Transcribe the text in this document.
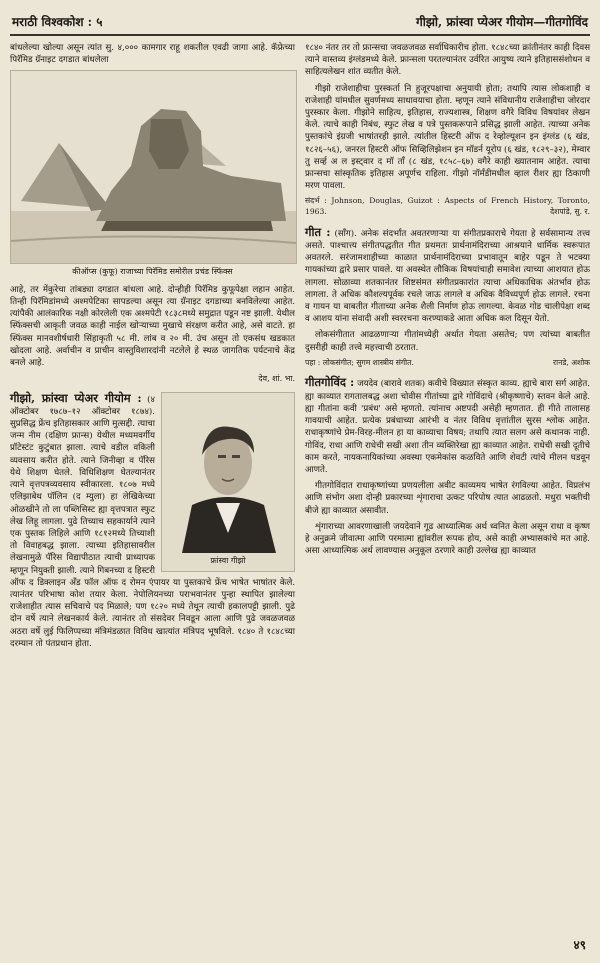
मराठी विश्वकोश : ५	गीझो, फ्रांस्वा प्येअर गीयोम—गीतगोविंद

बांधलेल्या खोल्या असून त्यांत सु. ४,००० कामगार राहू शकतील एवढी जागा आहे. कॅफ्रेच्या पिरॅमिड ग्रॅनाइट दगडात बांधलेला

कीऑप्स (कुफू) राजाच्या पिरॅमिड समोरील प्रचंड स्फिंक्स

आहे, तर मेंकुरेचा तांबड्या दगडात बांधला आहे. दोन्हीही पिरॅमिड कुफूपेक्षा लहान आहेत. तिन्ही पिरॅमिडांमध्ये अश्मपेटिका सापडल्या असून त्या ग्रॅनाइट दगडाच्या बनविलेल्या आहेत. त्यांपैकी आलंकारिक नक्षी कोरलेली एक अश्मपेटी १८३८मध्ये समुद्रात पडून नष्ट झाली. येथील स्फिंक्सची आकृती जवळ काही नाईल खोऱ्याच्या मुखाचे संरक्षण करीत आहे, असे वाटते. हा स्फिंक्स मानवशीर्षधारी सिंहाकृती ५८ मी. लांब व २० मी. उंच असून तो एकसंध खडकात खोदला आहे. अर्वाचीन व प्राचीन वास्तुविशारदांनी नटलेले हे स्थळ जागतिक पर्यटनाचे केंद्र बनले आहे.

देव, शां. भा.

गीझो, फ्रांस्वा प्येअर गीयोम :
फ्रांस्वा गीझो
(४ ऑक्टोबर १७८७–१२ ऑक्टोबर १८७४). सुप्रसिद्ध फ्रेंच इतिहासकार आणि मुत्सद्दी. त्याचा जन्म नीम (दक्षिण फ्रान्स) येथील मध्यमवर्गीय प्रॉटेस्टंट कुटुंबात झाला. त्याचे वडील वकिली व्यवसाय करीत होते. त्याने जिनीव्हा व पॅरिस येथे शिक्षण घेतले. विधिशिक्षण घेतल्यानंतर त्याने वृत्तपत्रव्यवसाय स्वीकारला. १८०७ मध्ये एलिझाबेथ पॉलिन (द म्युला) हा लेखिकेच्या ओळखीने तो ला पब्लिसिस्ट ह्या वृत्तपत्रात स्फुट लेख लिहू लागला. पुढे तिच्याच सहकार्याने त्याने एक पुस्तक लिहिले आणि १८१२मध्ये तिच्याशी तो विवाहबद्ध झाला. त्याच्या इतिहासावरील लेखनामुळे पॅरिस विद्यापीठात त्याची प्राध्यापक म्हणून नियुक्ती झाली. त्याने गिबनच्या द हिस्टरी ऑफ द डिक्लाइन अँड फॉल ऑफ द रोमन एंपायर या पुस्तकाचे फ्रेंच भाषेत भाषांतर केले. त्यानंतर परिभाषा कोश तयार केला. नेपोलियनच्या पराभवानंतर पुन्हा स्थापित झालेल्या राजेशाहीत त्यास सचिवाचे पद मिळाले; पण १८२० मध्ये तेथून त्याची हकालपट्टी झाली. पुढे दोन वर्षे त्याने लेखनकार्य केले. त्यानंतर तो संसदेवर निवडून आला आणि पुढे जवळजवळ अठरा वर्षे लुई फिलिप्पच्या मंत्रिमंडळात विविध खात्यांत मंत्रिपद भूषविले. १८४० ते १८४८च्या दरम्यान तो पंतप्रधान होता.

१८४० नंतर तर तो फ्रान्सचा जवळजवळ सर्वाधिकारीच होता. १८४८च्या क्रांतीनंतर काही दिवस त्याने वास्तव्य इंग्लंडमध्ये केले. फ्रान्सला परतल्यानंतर उर्वरित आयुष्य त्याने इतिहाससंशोधन व साहित्यलेखन शांत व्यतीत केले.

गीझो राजेशाहीचा पुरस्कर्ता नि हुजूरपक्षाचा अनुयायी होता; तथापि त्यास लोकशाही व राजेशाही यांमधील सुवर्णमध्य साधावयाचा होता. म्हणून त्याने संविधानीय राजेशाहीचा जोरदार पुरस्कार केला. गीझोने साहित्य, इतिहास, राज्यशास्त्र, शिक्षण वगैरे विविध विषयांवर लेखन केले. त्याचे काही निबंध, स्फुट लेख व पत्रे पुस्तकरूपाने प्रसिद्ध झाली आहेत. त्याच्या अनेक पुस्तकांचे इंग्रजी भाषांतरही झाले. त्यांतील हिस्टरी ऑफ द रेव्होल्यूशन इन इंग्लंड (६ खंड, १८२६–५६), जनरल हिस्टरी ऑफ सिव्हिलिझेशन इन मॉडर्न यूरोप (६ खंड, १८२९–३२), मेम्वार तु सर्व्ह अ ल इस्ट्वार द मॉ ताँ (८ खंड, १८५८–६७) वगैरे काही ख्यातनाम आहेत. त्याचा फ्रान्सचा सांस्कृतिक इतिहास अपूर्णच राहिला. गीझो नॉर्मंडीमधील व्हाल रीशर ह्या ठिकाणी मरण पावला.

संदर्भ : Johnson, Douglas, Guizot : Aspects of French History, Toronto, 1963.	देशपांडे, सु. र.

गीत : (साँग). अनेक संदर्भांत अवतरणाऱ्या या संगीतप्रकाराचे गेयता हे सर्वसामान्य तत्त्व असते. पाश्चात्त्य संगीतपद्धतीत गीत प्रथमतः प्रार्थनामंदिराच्या आश्रयाने धार्मिक स्वरूपात अवतरले. सरंजामशाहीच्या काळात प्रार्थनामंदिराच्या प्रभावातून बाहेर पडून ते भटक्या गायकांच्या द्वारे प्रसार पावले. या अवस्थेत लौकिक विषयांचाही समावेश त्याच्या आशयात होऊ लागला. सोळाव्या शतकानंतर शिष्टसंमत संगीतप्रकारांत त्याचा अधिकाधिक अंतर्भाव होऊ लागला. ते अधिक कौशल्यपूर्वक रचले जाऊ लागले व अधिक वैविध्यपूर्ण होऊ लागले. रचना व गायन या बाबतीत गीताच्या अनेक शैली निर्माण होऊ लागल्या. केवळ गोड चालीपेक्षा शब्द व आशय यांना संवादी अशी स्वररचना करण्याकडे आता अधिक कल दिसून येतो.

लोकसंगीतात आढळणाऱ्या गीतांमध्येही अर्थात गेयता असतेच; पण त्यांच्या बाबतीत दुसरीही काही तत्त्वे महत्त्वाची ठरतात.

पहा : लोकसंगीत; सुगम शास्त्रीय संगीत.	रानडे, अशोक

गीतगोविंद : जयदेव (बारावे शतक) कवीचे विख्यात संस्कृत काव्य. ह्याचे बारा सर्ग आहेत. ह्या काव्यात रागतालबद्ध अशा चोवीस गीतांच्या द्वारे गोविंदाचे (श्रीकृष्णाचे) स्तवन केले आहे. ह्या गीतांना कवी 'प्रबंध' असे म्हणतो. त्यांनाच अष्टपदी असेही म्हणतात. ही गीते तालासह गावयाची आहेत. प्रत्येक प्रबंधाच्या आरंभी व नंतर विविध वृत्तांतील सुरस श्लोक आहेत. राधाकृष्णांचे प्रेम-विरह-मीलन हा या काव्याचा विषय; तथापि त्यात सलग असे कथानक नाही. गोविंद, राधा आणि राधेची सखी अशा तीन व्यक्तिरेखा ह्या काव्यात आहेत. राधेची सखी दूतीचे काम करते, नायकनायिकांच्या अवस्था एकमेकांस कळविते आणि शेवटी त्यांचे मीलन घडवून आणते.

गीतगोविंदात राधाकृष्णांच्या प्रणयलीला अवीट काव्यमय भाषेत रंगविल्या आहेत. विप्रलंभ आणि संभोग अशा दोन्ही प्रकारच्या शृंगाराचा उत्कट परिपोष त्यात आढळतो. मधुरा भक्तीची बीजे ह्या काव्यात असावीत.

शृंगाराच्या आवरणाखाली जयदेवाने गूढ आध्यात्मिक अर्थ ध्वनित केला असून राधा व कृष्ण हे अनुक्रमे जीवात्मा आणि परमात्मा ह्यांवरील रूपक होय, असे काही अभ्यासकांचे मत आहे. असा आध्यात्मिक अर्थ लावण्यास अनुकूल ठरणारे काही उल्लेख ह्या काव्यात

४९
